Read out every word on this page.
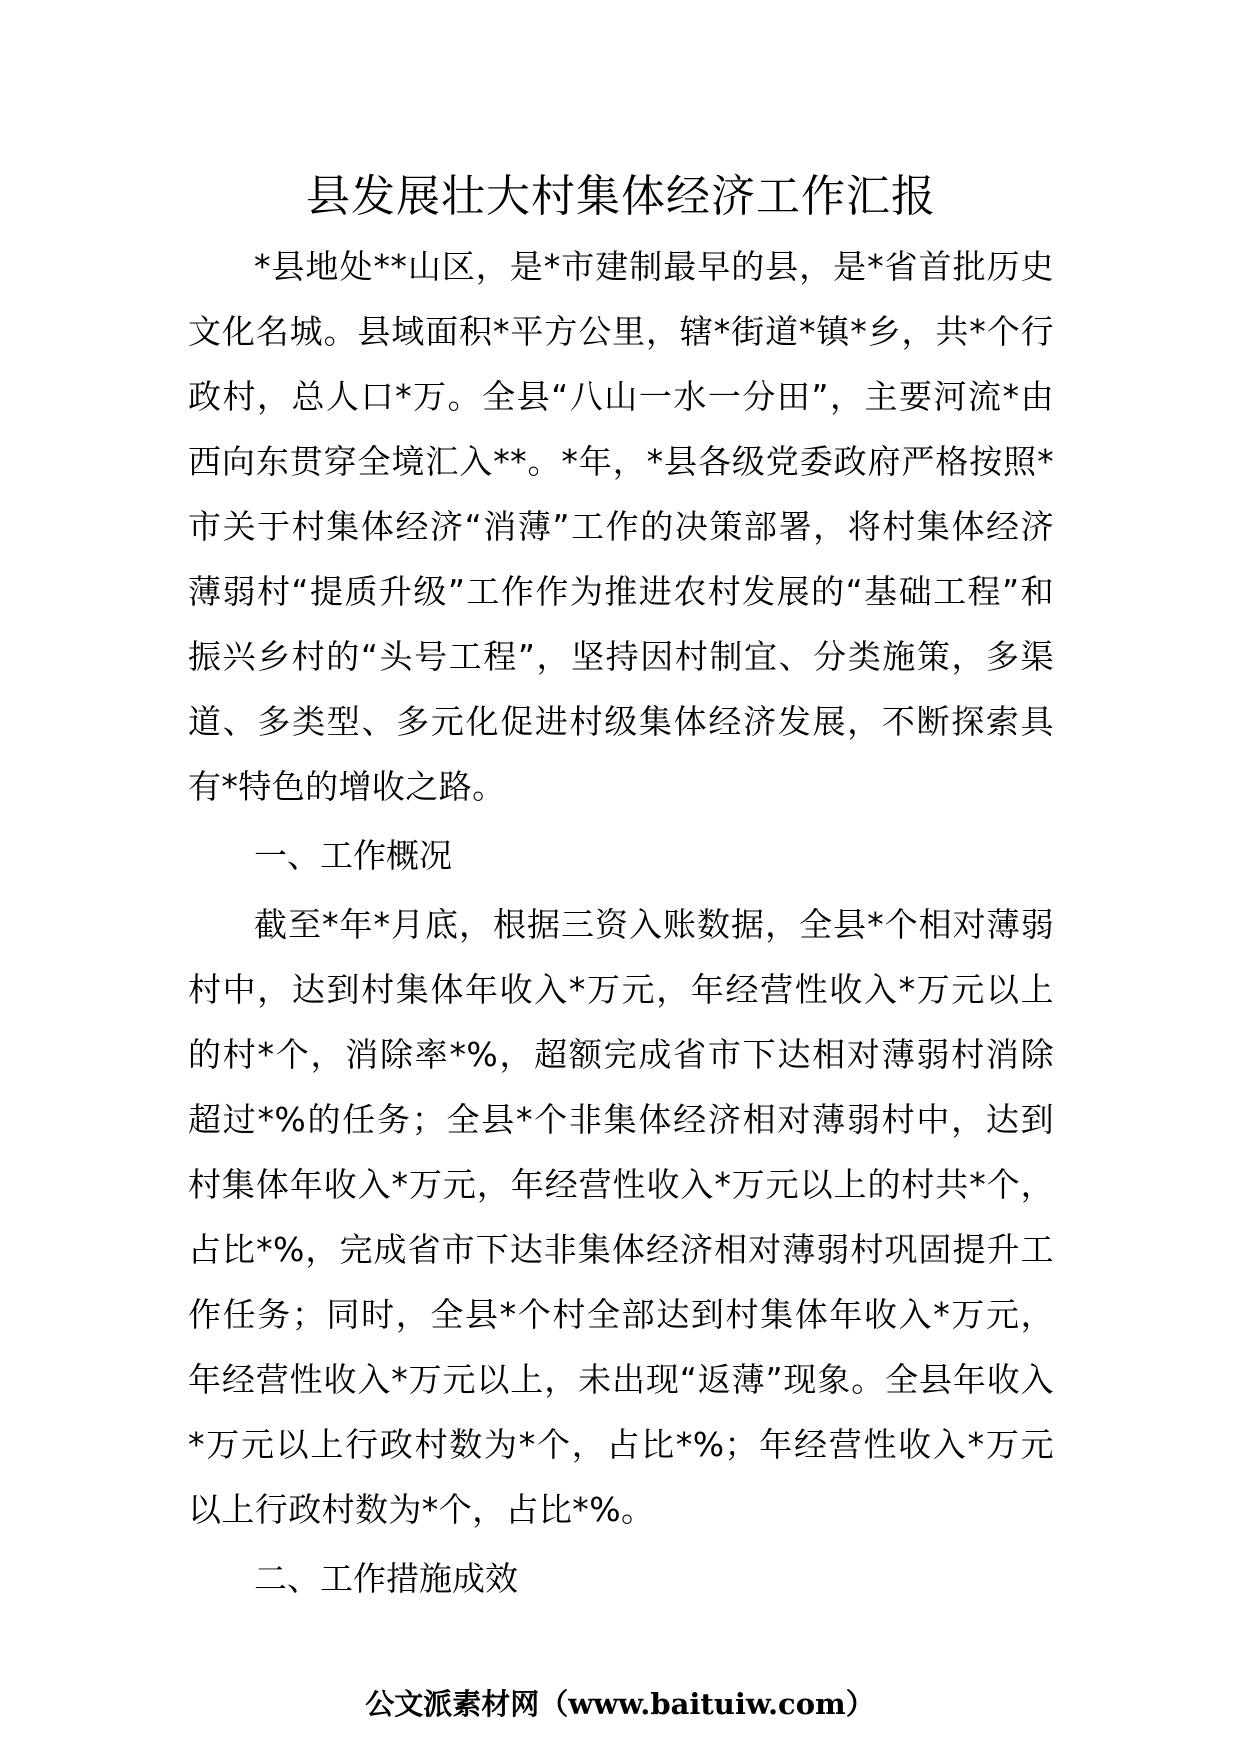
县发展壮大村集体经济工作汇报

*县地处**山区，是*市建制最早的县，是*省首批历史文化名城。县域面积*平方公里，辖*街道*镇*乡，共*个行政村，总人口*万。全县“八山一水一分田”，主要河流*由西向东贯穿全境汇入**。*年，*县各级党委政府严格按照*市关于村集体经济“消薄”工作的决策部署，将村集体经济薄弱村“提质升级”工作作为推进农村发展的“基础工程”和振兴乡村的“头号工程”，坚持因村制宜、分类施策，多渠道、多类型、多元化促进村级集体经济发展，不断探索具有*特色的增收之路。

一、工作概况

截至*年*月底，根据三资入账数据，全县*个相对薄弱村中，达到村集体年收入*万元，年经营性收入*万元以上的村*个，消除率*%，超额完成省市下达相对薄弱村消除超过*%的任务；全县*个非集体经济相对薄弱村中，达到村集体年收入*万元，年经营性收入*万元以上的村共*个，占比*%，完成省市下达非集体经济相对薄弱村巩固提升工作任务；同时，全县*个村全部达到村集体年收入*万元，年经营性收入*万元以上，未出现“返薄”现象。全县年收入*万元以上行政村数为*个，占比*%；年经营性收入*万元以上行政村数为*个，占比*%。

二、工作措施成效

公文派素材网（www.baituiw.com）
